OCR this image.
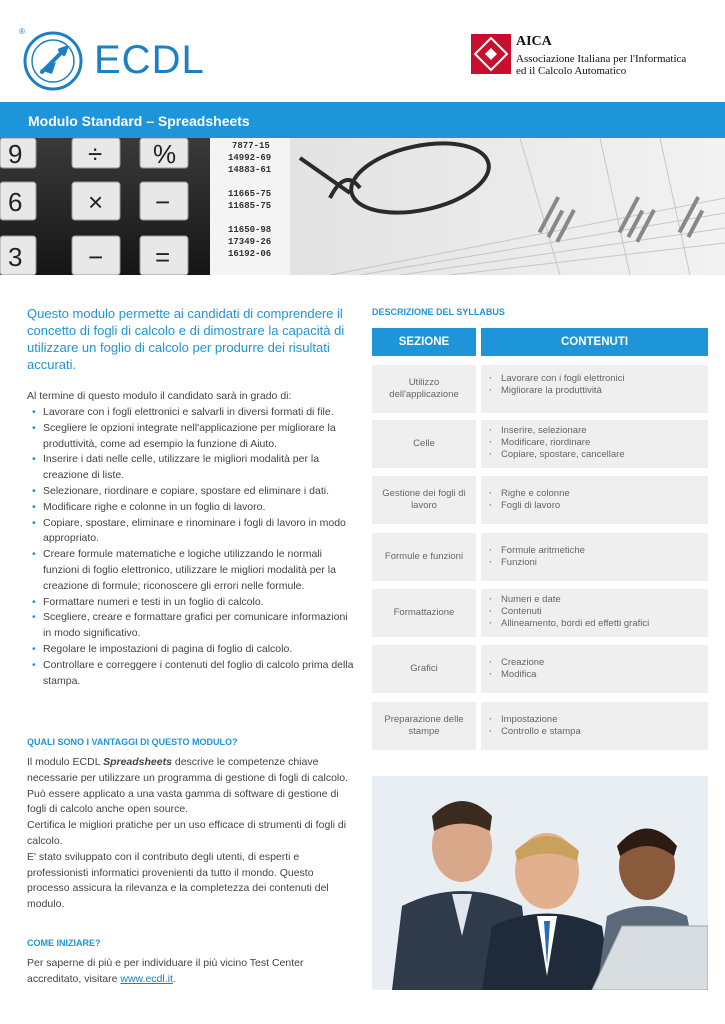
®
ECDL	AICA
Associazione Italiana per l'Informatica
ed il Calcolo Automatico
Modulo Standard – Spreadsheets
9	÷ %
6	× −
3	− =
7877-15
14992-69
14883-61
11665-75
11685-75
11650-98
17349-26
16192-06
Questo modulo permette ai candidati di comprendere il concetto di fogli di calcolo e di dimostrare la capacità di utilizzare un foglio di calcolo per produrre dei risultati accurati.
Al termine di questo modulo il candidato sarà in grado di:
• Lavorare con i fogli elettronici e salvarli in diversi formati di file.
• Scegliere le opzioni integrate nell'applicazione per migliorare la produttività, come ad esempio la funzione di Aiuto.
• Inserire i dati nelle celle, utilizzare le migliori modalità per la creazione di liste.
• Selezionare, riordinare e copiare, spostare ed eliminare i dati.
• Modificare righe e colonne in un foglio di lavoro.
• Copiare, spostare, eliminare e rinominare i fogli di lavoro in modo appropriato.
• Creare formule matematiche e logiche utilizzando le normali funzioni di foglio elettronico, utilizzare le migliori modalità per la creazione di formule; riconoscere gli errori nelle formule.
• Formattare numeri e testi in un foglio di calcolo.
• Scegliere, creare e formattare grafici per comunicare informazioni in modo significativo.
• Regolare le impostazioni di pagina di foglio di calcolo.
• Controllare e correggere i contenuti del foglio di calcolo prima della stampa.
QUALI SONO I VANTAGGI DI QUESTO MODULO?

Il modulo ECDL Spreadsheets descrive le competenze chiave necessarie per utilizzare un programma di gestione di fogli di calcolo.

Può essere applicato a una vasta gamma di software di gestione di fogli di calcolo anche open source.

Certifica le migliori pratiche per un uso efficace di strumenti di fogli di calcolo.

E' stato sviluppato con il contributo degli utenti, di esperti e professionisti informatici provenienti da tutto il mondo. Questo processo assicura la rilevanza e la completezza dei contenuti del modulo.

COME INIZIARE?
Per saperne di più e per individuare il più vicino Test Center accreditato, visitare www.ecdl.it.
DESCRIZIONE DEL SYLLABUS
SEZIONE	CONTENUTI
Utilizzo dell'applicazione
· Lavorare con i fogli elettronici
· Migliorare la produttività
Celle
· Inserire, selezionare
· Modificare, riordinare
· Copiare, spostare, cancellare
Gestione dei fogli di lavoro
· Righe e colonne
· Fogli di lavoro
Formule e funzioni
· Formule aritmetiche
· Funzioni
Formattazione
· Numeri e date
· Contenuti
· Allineamento, bordi ed effetti grafici
Grafici
· Creazione
· Modifica
Preparazione delle stampe
· Impostazione
· Controllo e stampa
